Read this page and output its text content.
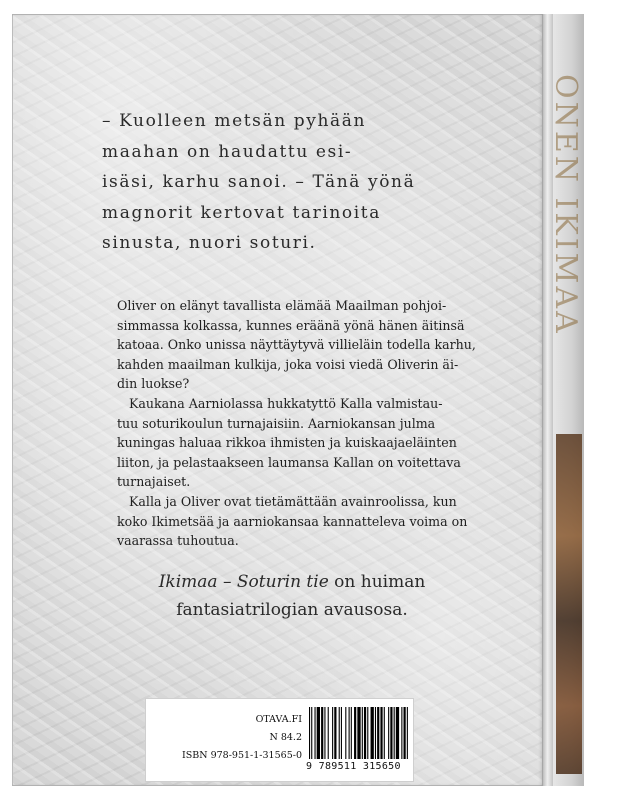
– Kuolleen metsän pyhään
maahan on haudattu esi-
isäsi, karhu sanoi. – Tänä yönä
magnorit kertovat tarinoita
sinusta, nuori soturi.
Oliver on elänyt tavallista elämää Maailman pohjoi-
simmassa kolkassa, kunnes eräänä yönä hänen äitinsä
katoaa. Onko unissa näyttäytyvä villieläin todella karhu,
kahden maailman kulkija, joka voisi viedä Oliverin äi-
din luokse?
Kaukana Aarniolassa hukkatyttö Kalla valmistau-
tuu soturikoulun turnajaisiin. Aarniokansan julma
kuningas haluaa rikkoa ihmisten ja kuiskaajaeläinten
liiton, ja pelastaakseen laumansa Kallan on voitettava
turnajaiset.
Kalla ja Oliver ovat tietämättään avainroolissa, kun
koko Ikimetsää ja aarniokansaa kannatteleva voima on
vaarassa tuhoutua.
Ikimaa – Soturin tie on huiman
fantasiatrilogian avausosa.
OTAVA.FI
N 84.2
ISBN 978-951-1-31565-0
9 789511 315650
ONEN IKIMAA
